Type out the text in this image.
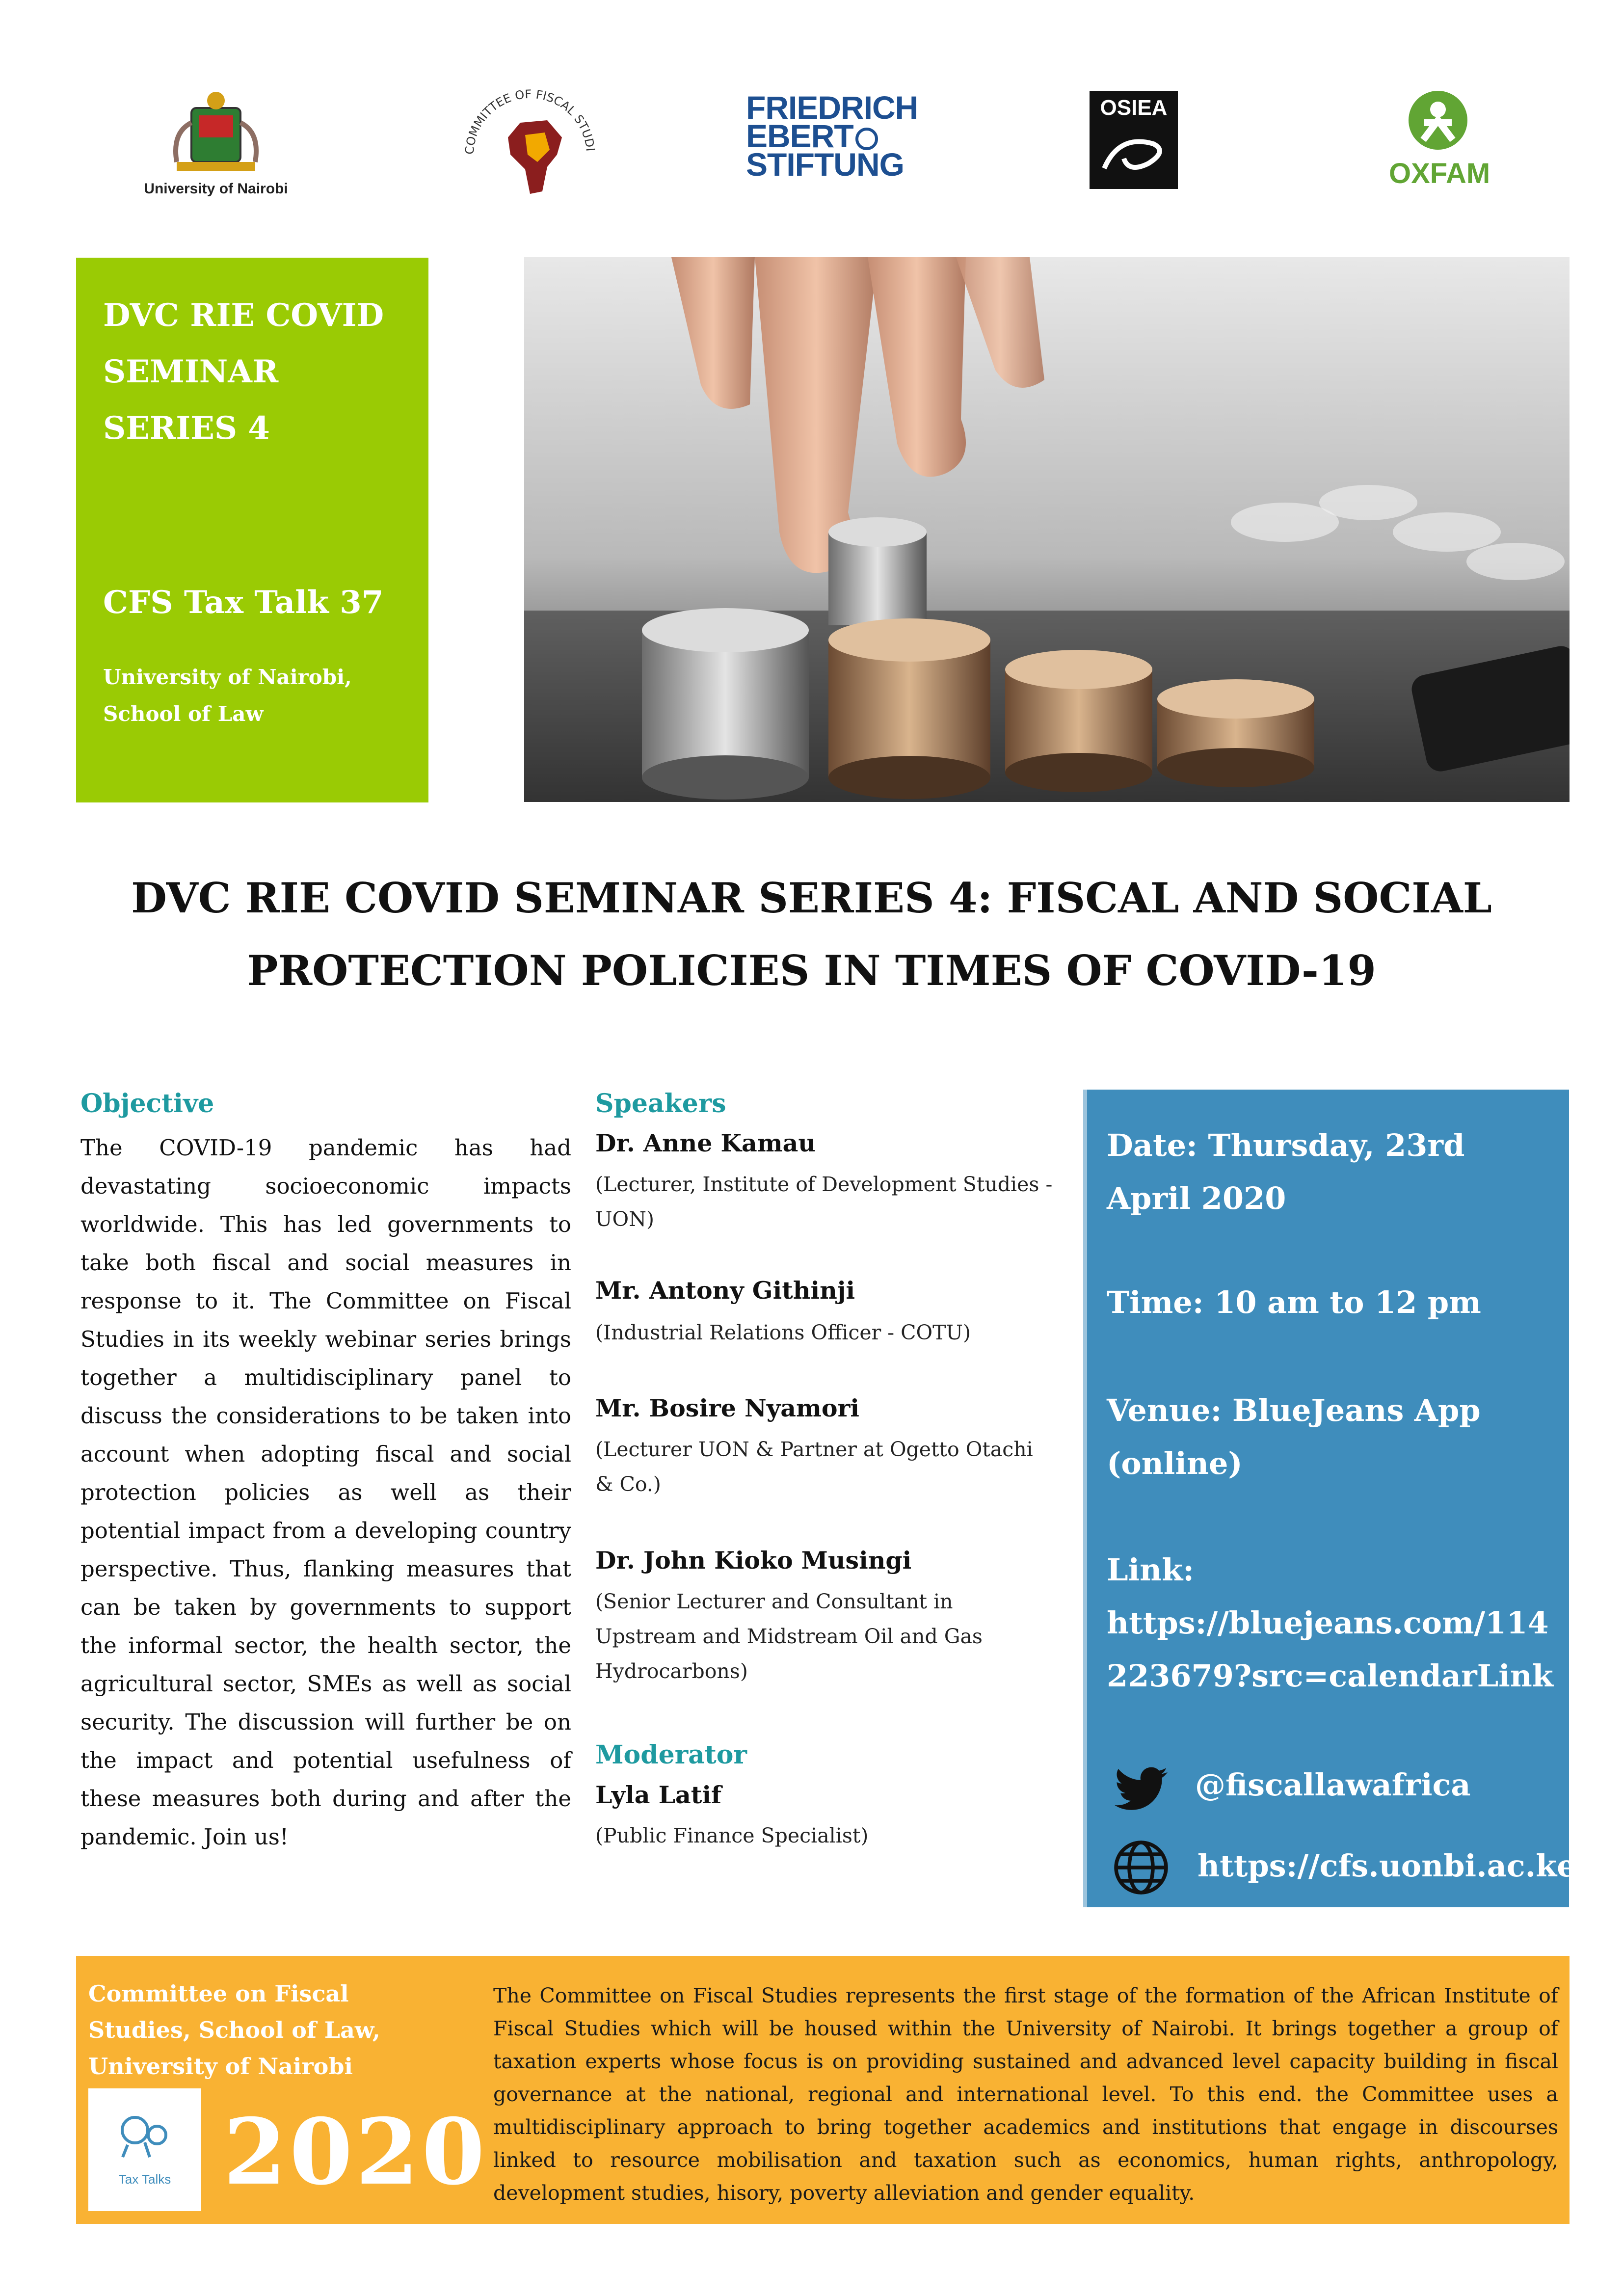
University of Nairobi
COMMITTEE OF FISCAL STUDI
FRIEDRICH
EBERT
STIFTUNG
OSIEA
OXFAM
DVC RIE COVID
SEMINAR
SERIES 4
CFS Tax Talk 37
University of Nairobi,
School of Law
DVC RIE COVID SEMINAR SERIES 4: FISCAL AND SOCIAL
PROTECTION POLICIES IN TIMES OF COVID-19
Objective
The COVID-19 pandemic has had devastating socioeconomic impacts worldwide. This has led governments to take both fiscal and social measures in response to it. The Committee on Fiscal Studies in its weekly webinar series brings together a multidisciplinary panel to discuss the considerations to be taken into account when adopting fiscal and social protection policies as well as their potential impact from a developing country perspective. Thus, flanking measures that can be taken by governments to support the informal sector, the health sector, the agricultural sector, SMEs as well as social security. The discussion will further be on the impact and potential usefulness of these measures both during and after the pandemic. Join us!
Speakers
Dr. Anne Kamau
(Lecturer, Institute of Development Studies - UON)
Mr. Antony Githinji
(Industrial Relations Officer - COTU)
Mr. Bosire Nyamori
(Lecturer UON & Partner at Ogetto Otachi & Co.)
Dr. John Kioko Musingi
(Senior Lecturer and Consultant in Upstream and Midstream Oil and Gas Hydrocarbons)
Moderator
Lyla Latif
(Public Finance Specialist)
Date: Thursday, 23rd April 2020
Time: 10 am to 12 pm
Venue: BlueJeans App (online)
Link:
https://bluejeans.com/114223679?src=calendarLink
@fiscallawafrica
https://cfs.uonbi.ac.ke/
Committee on Fiscal Studies, School of Law, University of Nairobi
Tax Talks 2020
The Committee on Fiscal Studies represents the first stage of the formation of the African Institute of Fiscal Studies which will be housed within the University of Nairobi. It brings together a group of taxation experts whose focus is on providing sustained and advanced level capacity building in fiscal governance at the national, regional and international level. To this end. the Committee uses a multidisciplinary approach to bring together academics and institutions that engage in discourses linked to resource mobilisation and taxation such as economics, human rights, anthropology, development studies, hisory, poverty alleviation and gender equality.
